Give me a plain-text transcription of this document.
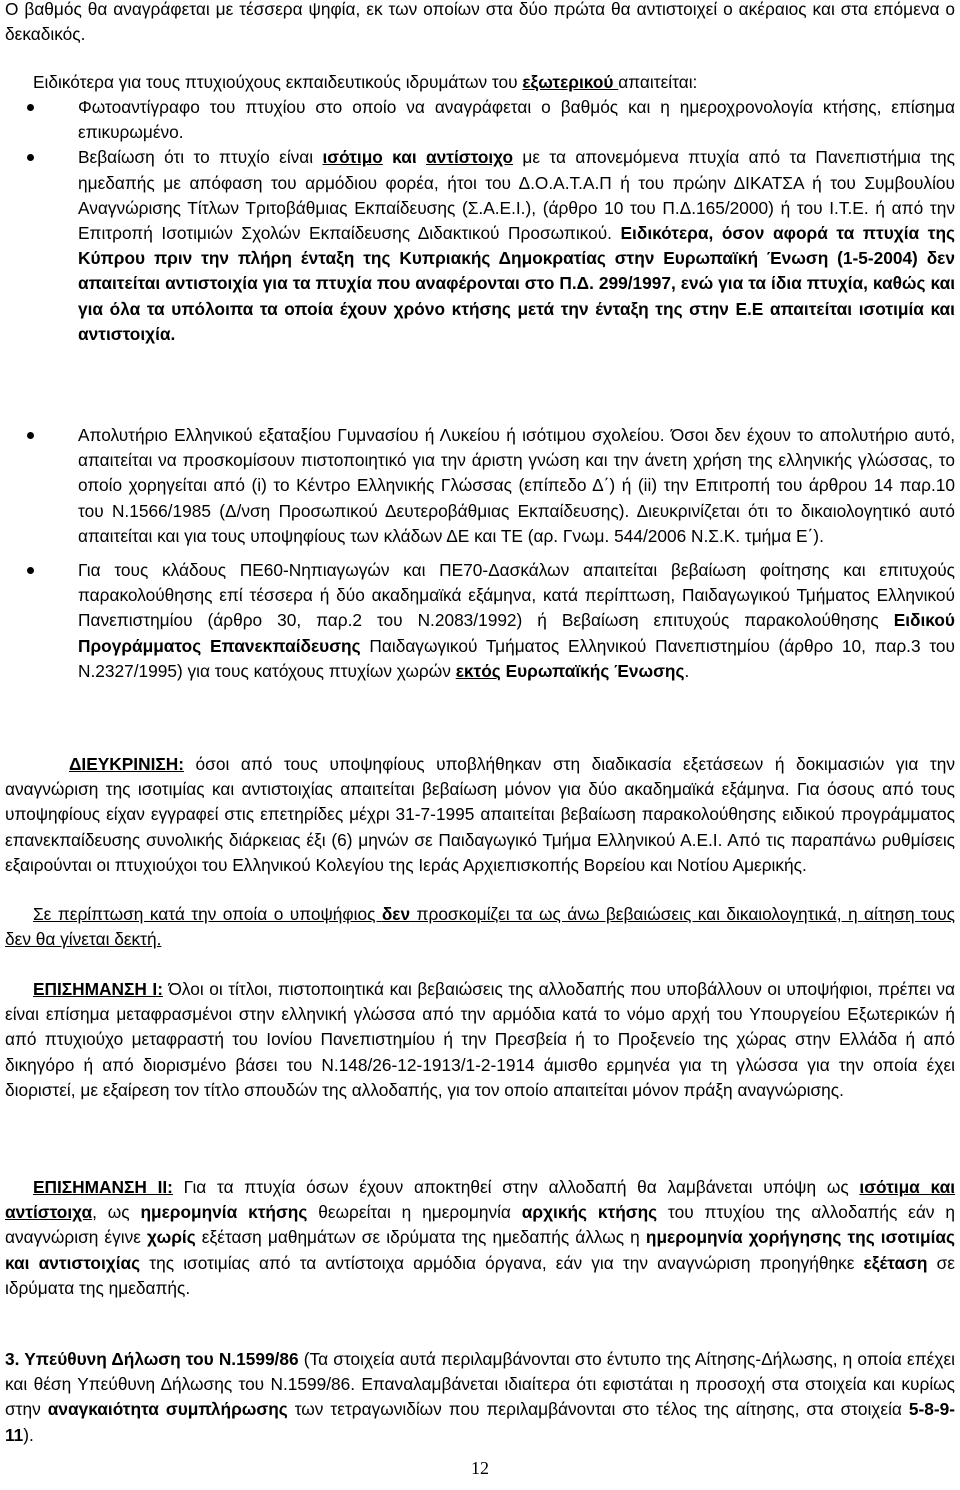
Ο βαθμός θα αναγράφεται με τέσσερα ψηφία, εκ των οποίων στα δύο πρώτα θα αντιστοιχεί ο ακέραιος και στα επόμενα ο δεκαδικός.

Ειδικότερα για τους πτυχιούχους εκπαιδευτικούς ιδρυμάτων του εξωτερικού απαιτείται:

Φωτοαντίγραφο του πτυχίου στο οποίο να αναγράφεται ο βαθμός και η ημεροχρονολογία κτήσης, επίσημα επικυρωμένο.
Βεβαίωση ότι το πτυχίο είναι ισότιμο και αντίστοιχο με τα απονεμόμενα πτυχία από τα Πανεπιστήμια της ημεδαπής με απόφαση του αρμόδιου φορέα, ήτοι του Δ.Ο.Α.Τ.Α.Π ή του πρώην ΔΙΚΑΤΣΑ ή του Συμβουλίου Αναγνώρισης Τίτλων Τριτοβάθμιας Εκπαίδευσης (Σ.Α.Ε.Ι.), (άρθρο 10 του Π.Δ.165/2000) ή του Ι.Τ.Ε. ή από την Επιτροπή Ισοτιμιών Σχολών Εκπαίδευσης Διδακτικού Προσωπικού. Ειδικότερα, όσον αφορά τα πτυχία της Κύπρου πριν την πλήρη ένταξη της Κυπριακής Δημοκρατίας στην Ευρωπαϊκή Ένωση (1-5-2004) δεν απαιτείται αντιστοιχία για τα πτυχία που αναφέρονται στο Π.Δ. 299/1997, ενώ για τα ίδια πτυχία, καθώς και για όλα τα υπόλοιπα τα οποία έχουν χρόνο κτήσης μετά την ένταξη της στην Ε.Ε απαιτείται ισοτιμία και αντιστοιχία.
Απολυτήριο Ελληνικού εξαταξίου Γυμνασίου ή Λυκείου ή ισότιμου σχολείου. Όσοι δεν έχουν το απολυτήριο αυτό, απαιτείται να προσκομίσουν πιστοποιητικό για την άριστη γνώση και την άνετη χρήση της ελληνικής γλώσσας, το οποίο χορηγείται από (i) το Κέντρο Ελληνικής Γλώσσας (επίπεδο Δ΄) ή (ii) την Επιτροπή του άρθρου 14 παρ.10 του Ν.1566/1985 (Δ/νση Προσωπικού Δευτεροβάθμιας Εκπαίδευσης). Διευκρινίζεται ότι το δικαιολογητικό αυτό απαιτείται και για τους υποψηφίους των κλάδων ΔΕ και ΤΕ (αρ. Γνωμ. 544/2006 Ν.Σ.Κ. τμήμα Ε΄).
Για τους κλάδους ΠΕ60-Νηπιαγωγών και ΠΕ70-Δασκάλων απαιτείται βεβαίωση φοίτησης και επιτυχούς παρακολούθησης επί τέσσερα ή δύο ακαδημαϊκά εξάμηνα, κατά περίπτωση, Παιδαγωγικού Τμήματος Ελληνικού Πανεπιστημίου (άρθρο 30, παρ.2 του Ν.2083/1992) ή Βεβαίωση επιτυχούς παρακολούθησης Ειδικού Προγράμματος Επανεκπαίδευσης Παιδαγωγικού Τμήματος Ελληνικού Πανεπιστημίου (άρθρο 10, παρ.3 του Ν.2327/1995) για τους κατόχους πτυχίων χωρών εκτός Ευρωπαϊκής Ένωσης.

ΔΙΕΥΚΡΙΝΙΣΗ: όσοι από τους υποψηφίους υποβλήθηκαν στη διαδικασία εξετάσεων ή δοκιμασιών για την αναγνώριση της ισοτιμίας και αντιστοιχίας απαιτείται βεβαίωση μόνον για δύο ακαδημαϊκά εξάμηνα. Για όσους από τους υποψηφίους είχαν εγγραφεί στις επετηρίδες μέχρι 31-7-1995 απαιτείται βεβαίωση παρακολούθησης ειδικού προγράμματος επανεκπαίδευσης συνολικής διάρκειας έξι (6) μηνών σε Παιδαγωγικό Τμήμα Ελληνικού Α.Ε.Ι. Από τις παραπάνω ρυθμίσεις εξαιρούνται οι πτυχιούχοι του Ελληνικού Κολεγίου της Ιεράς Αρχιεπισκοπής Βορείου και Νοτίου Αμερικής.

Σε περίπτωση κατά την οποία ο υποψήφιος δεν προσκομίζει τα ως άνω βεβαιώσεις και δικαιολογητικά, η αίτηση τους δεν θα γίνεται δεκτή.

ΕΠΙΣΗΜΑΝΣΗ Ι: Όλοι οι τίτλοι, πιστοποιητικά και βεβαιώσεις της αλλοδαπής που υποβάλλουν οι υποψήφιοι, πρέπει να είναι επίσημα μεταφρασμένοι στην ελληνική γλώσσα από την αρμόδια κατά το νόμο αρχή του Υπουργείου Εξωτερικών ή από πτυχιούχο μεταφραστή του Ιονίου Πανεπιστημίου ή την Πρεσβεία ή το Προξενείο της χώρας στην Ελλάδα ή από δικηγόρο ή από διορισμένο βάσει του Ν.148/26-12-1913/1-2-1914 άμισθο ερμηνέα για τη γλώσσα για την οποία έχει διοριστεί, με εξαίρεση τον τίτλο σπουδών της αλλοδαπής, για τον οποίο απαιτείται μόνον πράξη αναγνώρισης.

ΕΠΙΣΗΜΑΝΣΗ ΙΙ: Για τα πτυχία όσων έχουν αποκτηθεί στην αλλοδαπή θα λαμβάνεται υπόψη ως ισότιμα και αντίστοιχα, ως ημερομηνία κτήσης θεωρείται η ημερομηνία αρχικής κτήσης του πτυχίου της αλλοδαπής εάν η αναγνώριση έγινε χωρίς εξέταση μαθημάτων σε ιδρύματα της ημεδαπής άλλως η ημερομηνία χορήγησης της ισοτιμίας και αντιστοιχίας της ισοτιμίας από τα αντίστοιχα αρμόδια όργανα, εάν για την αναγνώριση προηγήθηκε εξέταση σε ιδρύματα της ημεδαπής.

3. Υπεύθυνη Δήλωση του Ν.1599/86 (Τα στοιχεία αυτά περιλαμβάνονται στο έντυπο της Αίτησης-Δήλωσης, η οποία επέχει και θέση Υπεύθυνη Δήλωσης του Ν.1599/86. Επαναλαμβάνεται ιδιαίτερα ότι εφιστάται η προσοχή στα στοιχεία και κυρίως στην αναγκαιότητα συμπλήρωσης των τετραγωνιδίων που περιλαμβάνονται στο τέλος της αίτησης, στα στοιχεία 5-8-9-11).

12
